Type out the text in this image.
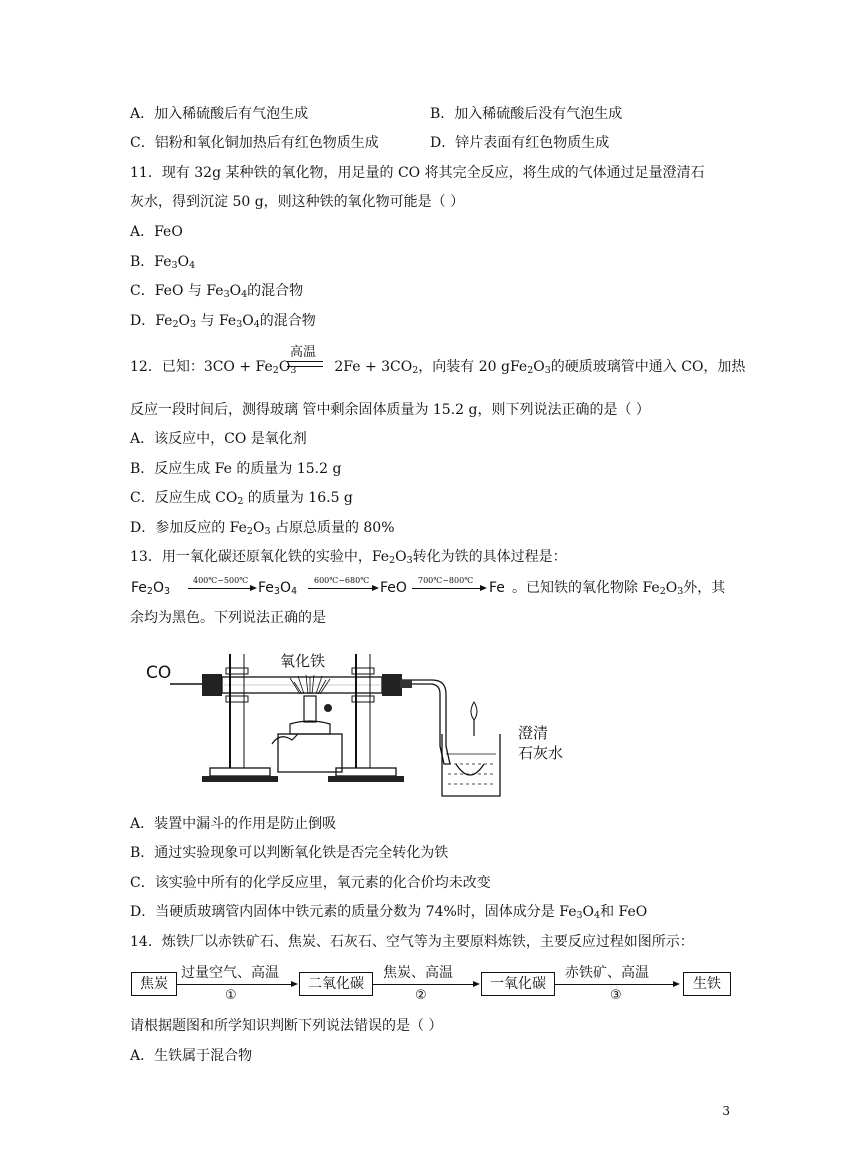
A．加入稀硫酸后有气泡生成	B．加入稀硫酸后没有气泡生成
C．铝粉和氧化铜加热后有红色物质生成	D．锌片表面有红色物质生成
11．现有 32g 某种铁的氧化物，用足量的 CO 将其完全反应，将生成的气体通过足量澄清石
灰水，得到沉淀 50 g，则这种铁的氧化物可能是（ ）
A．FeO
B．$Fe_3O_4$
C．FeO 与 $Fe_3O_4$的混合物
D．$Fe_2O_3$ 与 $Fe_3O_4$的混合物
高温
12．已知：$3CO + Fe_2O_3$	$2Fe + 3CO_2$，向装有 20 $gFe_2O_3$的硬质玻璃管中通入 CO，加热
反应一段时间后，测得玻璃 管中剩余固体质量为 15.2 g，则下列说法正确的是（ ）
A．该反应中，CO 是氧化剂
B．反应生成 Fe 的质量为 15.2 g
C．反应生成 $CO_2$ 的质量为 16.5 g
D．参加反应的 $Fe_2O_3$ 占原总质量的 80%
13．用一氧化碳还原氧化铁的实验中，$Fe_2O_3$转化为铁的具体过程是：
$Fe_2O_3$
400℃~500℃ $Fe_3O_4$
600℃~680℃ FeO 700℃~800℃ Fe 。已知铁的氧化物除 $Fe_2O_3$外，其
余均为黑色。下列说法正确的是
CO
氧化铁
澄清
石灰水
A．装置中漏斗的作用是防止倒吸
B．通过实验现象可以判断氧化铁是否完全转化为铁
C．该实验中所有的化学反应里，氧元素的化合价均未改变
D．当硬质玻璃管内固体中铁元素的质量分数为 74%时，固体成分是 $Fe_3O_4$和 FeO
14．炼铁厂以赤铁矿石、焦炭、石灰石、空气等为主要原料炼铁，主要反应过程如图所示：
焦炭
过量空气、高温
①
二氧化碳
焦炭、高温
②
一氧化碳
赤铁矿、高温
③
生铁
请根据题图和所学知识判断下列说法错误的是（ ）
A．生铁属于混合物
3
